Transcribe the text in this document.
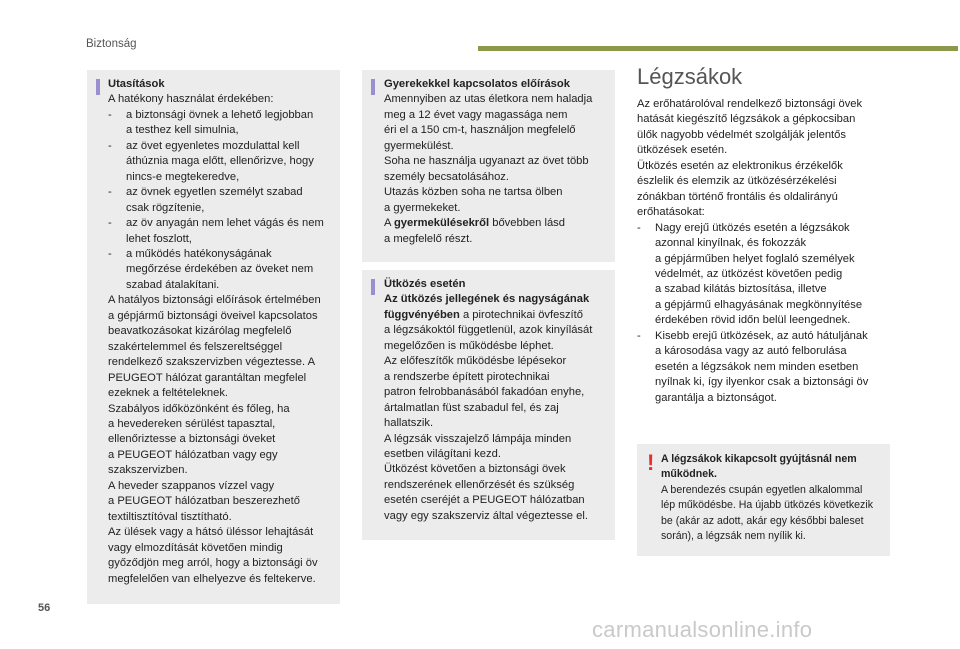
Biztonság
Utasítások
A hatékony használat érdekében:
- a biztonsági övnek a lehető legjobban
a testhez kell simulnia,
- az övet egyenletes mozdulattal kell
áthúznia maga előtt, ellenőrizve, hogy
nincs-e megtekeredve,
- az övnek egyetlen személyt szabad
csak rögzítenie,
- az öv anyagán nem lehet vágás és nem
lehet foszlott,
- a működés hatékonyságának
megőrzése érdekében az öveket nem
szabad átalakítani.
A hatályos biztonsági előírások értelmében
a gépjármű biztonsági öveivel kapcsolatos
beavatkozásokat kizárólag megfelelő
szakértelemmel és felszereltséggel
rendelkező szakszervizben végeztesse. A
PEUGEOT hálózat garantáltan megfelel
ezeknek a feltételeknek.
Szabályos időközönként és főleg, ha
a hevedereken sérülést tapasztal,
ellenőriztesse a biztonsági öveket
a PEUGEOT hálózatban vagy egy
szakszervizben.
A heveder szappanos vízzel vagy
a PEUGEOT hálózatban beszerezhető
textiltisztítóval tisztítható.
Az ülések vagy a hátsó ülés​sor lehajtását
vagy elmozdítását követően mindig
győződjön meg arról, hogy a biztonsági öv
megfelelően van elhelyezve és feltekerve.
Gyerekekkel kapcsolatos előírások
Amennyiben az utas életkora nem haladja
meg a 12 évet vagy magassága nem
éri el a 150 cm-t, használjon megfelelő
gyermekülést.
Soha ne használja ugyanazt az övet több
személy becsatolásához.
Utazás közben soha ne tartsa ölben
a gyermekeket.
A gyermekülésekről bővebben lásd
a megfelelő részt.
Ütközés esetén
Az ütközés jellegének és nagyságának
függvényében a pirotechnikai övfeszítő
a légzsákoktól függetlenül, azok kinyílását
megelőzően is működésbe léphet.
Az előfeszítők működésbe lépésekor
a rendszerbe épített pirotechnikai
patron felrobbanásából fakadóan enyhe,
ártalmatlan füst szabadul fel, és zaj
hallatszik.
A légzsák visszajelző lámpája minden
esetben világítani kezd.
Ütközést követően a biztonsági övek
rendszerének ellenőrzését és szükség
esetén cseréjét a PEUGEOT hálózatban
vagy egy szakszerviz által végeztesse el.
Légzsákok
Az erőhatárolóval rendelkező biztonsági övek
hatását kiegészítő légzsákok a gépkocsiban
ülők nagyobb védelmét szolgálják jelentős
ütközések esetén.
Ütközés esetén az elektronikus érzékelők
észlelik és elemzik az ütközésérzékelési
zónákban történő frontális és oldalirányú
erőhatásokat:
- Nagy erejű ütközés esetén a légzsákok
azonnal kinyílnak, és fokozzák
a gépjárműben helyet foglaló személyek
védelmét, az ütközést követően pedig
a szabad kilátás biztosítása, illetve
a gépjármű elhagyásának megkönnyítése
érdekében rövid időn belül leengednek.
- Kisebb erejű ütközések, az autó hátuljának
a károsodása vagy az autó felborulása
esetén a légzsákok nem minden esetben
nyílnak ki, így ilyenkor csak a biztonsági öv
garantálja a biztonságot.
! A légzsákok kikapcsolt gyújtásnál nem
működnek.
A berendezés csupán egyetlen alkalommal
lép működésbe. Ha újabb ütközés következik
be (akár az adott, akár egy későbbi baleset
során), a légzsák nem nyílik ki.
56
carmanualsonline.info
